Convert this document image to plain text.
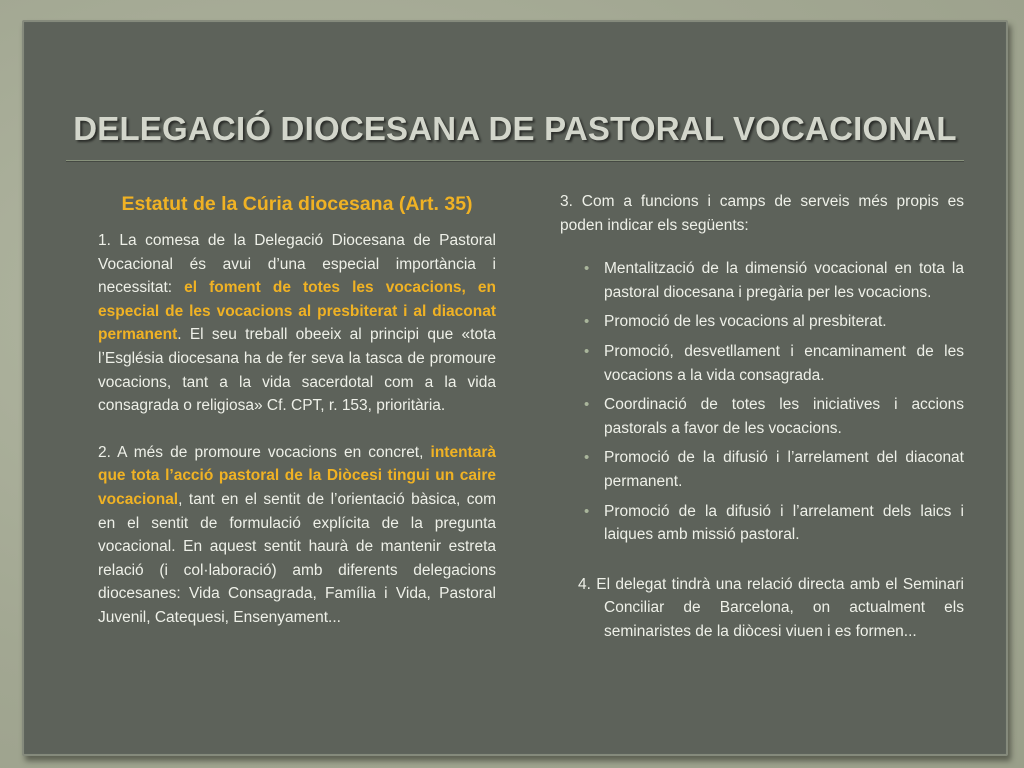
DELEGACIÓ DIOCESANA DE PASTORAL VOCACIONAL
Estatut de la Cúria diocesana (Art. 35)

1. La comesa de la Delegació Diocesana de Pastoral Vocacional és avui d’una especial importància i necessitat: el foment de totes les vocacions, en especial de les vocacions al presbiterat i al diaconat permanent. El seu treball obeeix al principi que «tota l’Església diocesana ha de fer seva la tasca de promoure vocacions, tant a la vida sacerdotal com a la vida consagrada o religiosa» Cf. CPT, r. 153, prioritària.

2. A més de promoure vocacions en concret, intentarà que tota l’acció pastoral de la Diòcesi tingui un caire vocacional, tant en el sentit de l’orientació bàsica, com en el sentit de formulació explícita de la pregunta vocacional. En aquest sentit haurà de mantenir estreta relació (i col·laboració) amb diferents delegacions diocesanes: Vida Consagrada, Família i Vida, Pastoral Juvenil, Catequesi, Ensenyament...

3. Com a funcions i camps de serveis més propis es poden indicar els següents:

• Mentalització de la dimensió vocacional en tota la pastoral diocesana i pregària per les vocacions.
• Promoció de les vocacions al presbiterat.
• Promoció, desvetllament i encaminament de les vocacions a la vida consagrada.
• Coordinació de totes les iniciatives i accions pastorals a favor de les vocacions.
• Promoció de la difusió i l’arrelament del diaconat permanent.
• Promoció de la difusió i l’arrelament dels laics i laiques amb missió pastoral.

4. El delegat tindrà una relació directa amb el Seminari Conciliar de Barcelona, on actualment els seminaristes de la diòcesi viuen i es formen...
